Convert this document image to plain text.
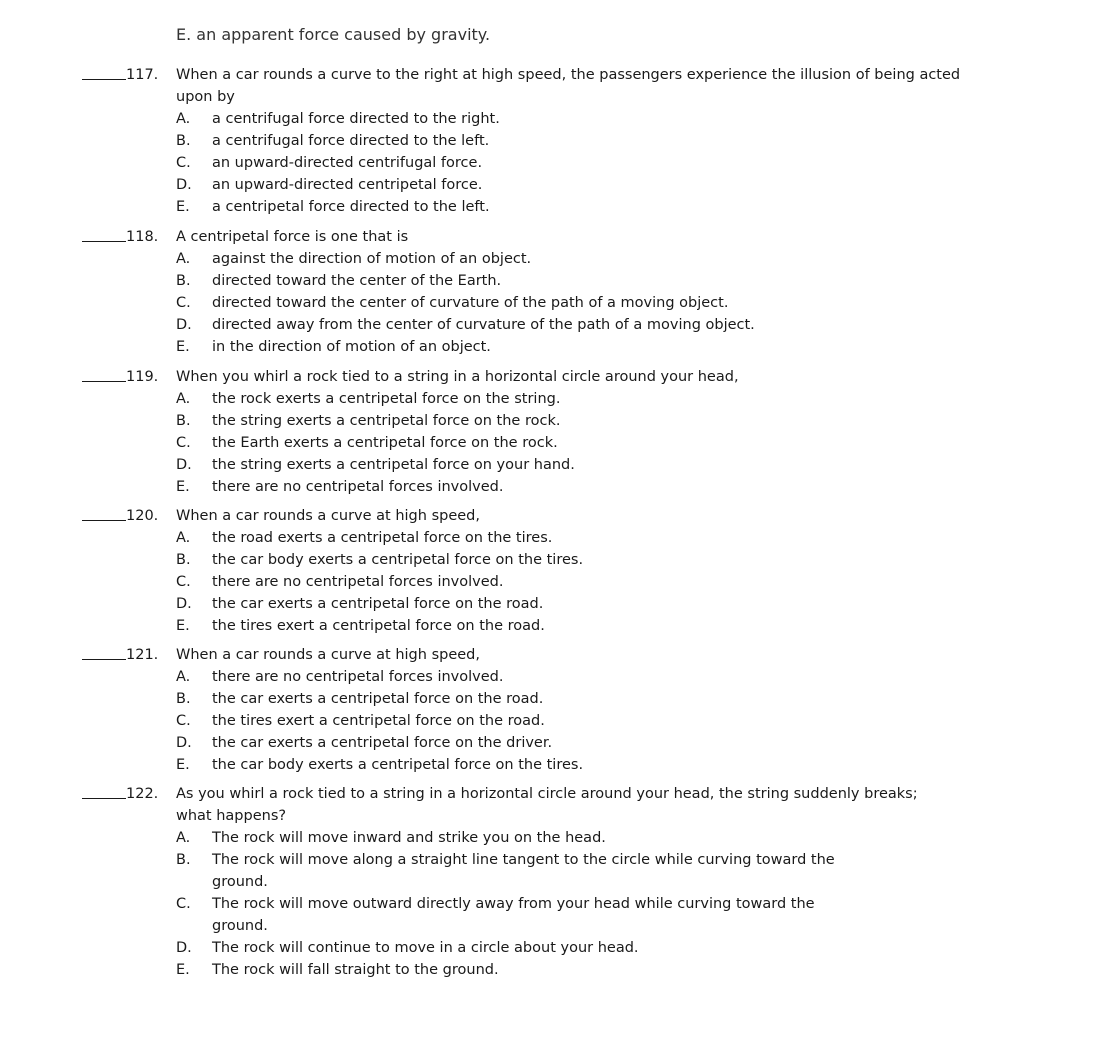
E. an apparent force caused by gravity.
117. When a car rounds a curve to the right at high speed, the passengers experience the illusion of being acted
upon by
A. a centrifugal force directed to the right.
B. a centrifugal force directed to the left.
C. an upward-directed centrifugal force.
D. an upward-directed centripetal force.
E. a centripetal force directed to the left.
118. A centripetal force is one that is
A. against the direction of motion of an object.
B. directed toward the center of the Earth.
C. directed toward the center of curvature of the path of a moving object.
D. directed away from the center of curvature of the path of a moving object.
E. in the direction of motion of an object.
119. When you whirl a rock tied to a string in a horizontal circle around your head,
A. the rock exerts a centripetal force on the string.
B. the string exerts a centripetal force on the rock.
C. the Earth exerts a centripetal force on the rock.
D. the string exerts a centripetal force on your hand.
E. there are no centripetal forces involved.
120. When a car rounds a curve at high speed,
A. the road exerts a centripetal force on the tires.
B. the car body exerts a centripetal force on the tires.
C. there are no centripetal forces involved.
D. the car exerts a centripetal force on the road.
E. the tires exert a centripetal force on the road.
121. When a car rounds a curve at high speed,
A. there are no centripetal forces involved.
B. the car exerts a centripetal force on the road.
C. the tires exert a centripetal force on the road.
D. the car exerts a centripetal force on the driver.
E. the car body exerts a centripetal force on the tires.
122. As you whirl a rock tied to a string in a horizontal circle around your head, the string suddenly breaks;
what happens?
A. The rock will move inward and strike you on the head.
B. The rock will move along a straight line tangent to the circle while curving toward the ground.
C. The rock will move outward directly away from your head while curving toward the ground.
D. The rock will continue to move in a circle about your head.
E. The rock will fall straight to the ground.
